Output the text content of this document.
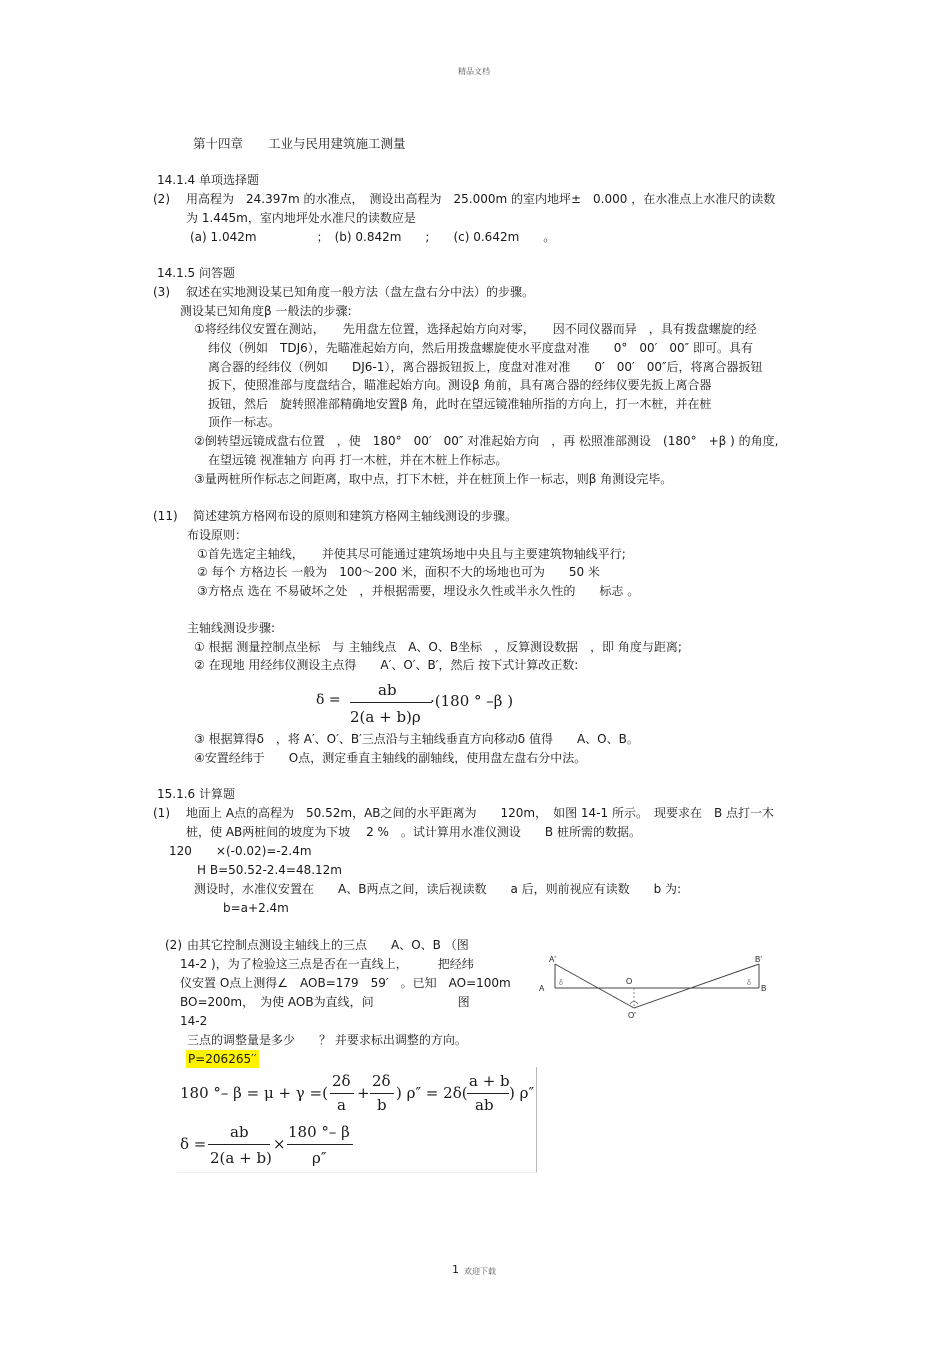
精品文档
第十四章　　工业与民用建筑施工测量
14.1.4 单项选择题
(2) 用高程为　24.397m 的水准点，　测设出高程为　25.000m 的室内地坪±　0.000 ，在水准点上水准尺的读数
为 1.445m，室内地坪处水准尺的读数应是
(a) 1.042m　　　　　；　(b) 0.842m　　;　　(c) 0.642m　　。
14.1.5 问答题
(3) 叙述在实地测设某已知角度一般方法（盘左盘右分中法）的步骤。
测设某已知角度β 一般法的步骤:
①将经纬仪安置在测站，　　先用盘左位置，选择起始方向对零，　　因不同仪器而异　，具有拨盘螺旋的经
纬仪（例如　TDJ6），先瞄准起始方向，然后用拨盘螺旋使水平度盘对准　　0°　00′　00″ 即可。具有
离合器的经纬仪（例如　　DJ6-1），离合器扳钮扳上，度盘对准对准　　0′　00′　00″后，将离合器扳钮
扳下，使照准部与度盘结合，瞄准起始方向。测设β 角前，具有离合器的经纬仪要先扳上离合器
扳钮，然后　旋转照准部精确地安置β 角，此时在望远镜准轴所指的方向上，打一木桩，并在桩
顶作一标志。
②倒转望远镜成盘右位置　，使　180°　00′　00″ 对准起始方向　，再 松照准部测设　(180°　+β ) 的角度,
在望远镜 视准轴方 向再 打一木桩，并在木桩上作标志。
③量两桩所作标志之间距离，取中点，打下木桩，并在桩顶上作一标志，则β 角测设完毕。
(11) 简述建筑方格网布设的原则和建筑方格网主轴线测设的步骤。
布设原则：
①首先选定主轴线，　　并使其尽可能通过建筑场地中央且与主要建筑物轴线平行;
② 每个 方格边长 一般为　100～200 米，面积不大的场地也可为　　50 米
③方格点 选在 不易破坏之处　，并根据需要，埋设永久性或半永久性的　　标志 。
主轴线测设步骤:
① 根据 测量控制点坐标　与 主轴线点　A、O、B坐标　，反算测设数据　，即 角度与距离;
② 在现地 用经纬仪测设主点得　　A′、O′、B′，然后 按下式计算改正数:
δ =
ab
2(a + b)ρ
·(180 ° –β )
③ 根据算得δ　，将 A′、O′、B′三点沿与主轴线垂直方向移动δ 值得　　A、O、B。
④安置经纬于　　O点，测定垂直主轴线的副轴线，使用盘左盘右分中法。
15.1.6 计算题
(1) 地面上 A点的高程为　50.52m，AB之间的水平距离为　　120m，　如图 14-1 所示。　现要求在　B 点打一木
桩，使 AB两桩间的坡度为下坡　 2 %　。试计算用水准仪测设　　B 桩所需的数据。
120　　×(-0.02)=-2.4m
H B=50.52-2.4=48.12m
测设时，水准仪安置在　　A、B两点之间，读后视读数　　a 后，则前视应有读数　　b 为:
b=a+2.4m
(2) 由其它控制点测设主轴线上的三点　　A、O、B （图
14-2 )，为了检验这三点是否在一直线上，　　　把经纬
仪安置 O点上测得∠　AOB=179　59′　。已知　AO=100m
BO=200m，　为使 AOB为直线，问　　　　　　　图
14-2
三点的调整量是多少　　？ 并要求标出调整的方向。
P=206265′′
δ	δ
A'	B'
A	B
O
O'
180 °– β = μ + γ =(
2δ
a
+
2δ
b
) ρ″ = 2δ(
a + b
ab
) ρ″
δ =
ab
2(a + b)
×
180 °– β
ρ″
1 欢迎下载
